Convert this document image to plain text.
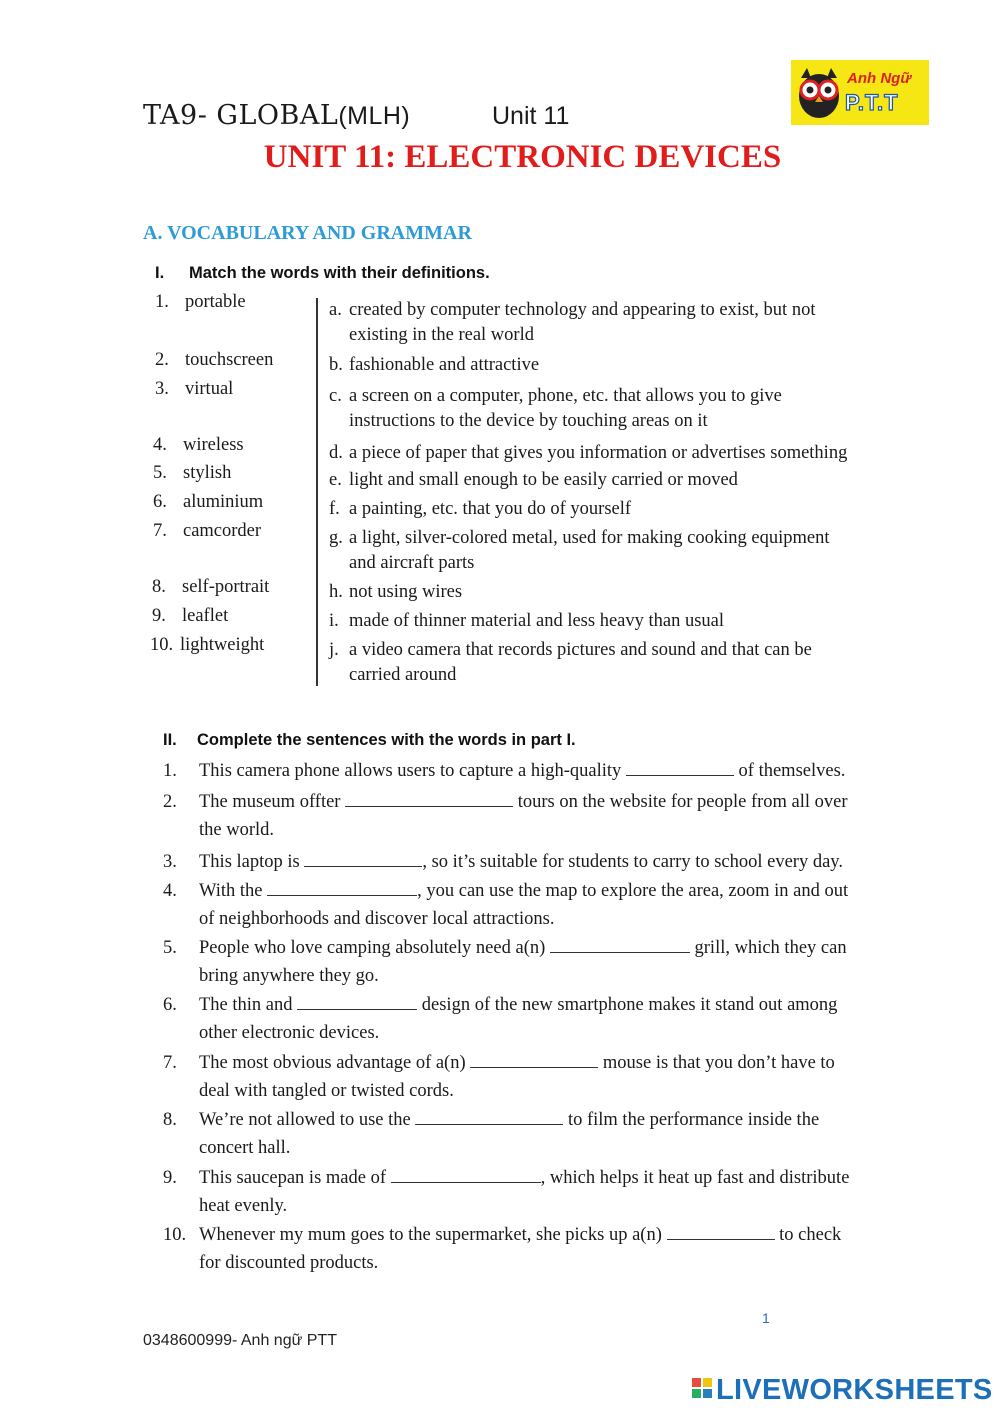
TA9- GLOBAL(MLH)	Unit 11
Anh Ngữ
P.T.T
UNIT 11: ELECTRONIC DEVICES
A. VOCABULARY AND GRAMMAR
I. Match the words with their definitions.
1. portable
2. touchscreen
3. virtual
4. wireless
5. stylish
6. aluminium
7. camcorder
8. self-portrait
9. leaflet
10. lightweight
a. created by computer technology and appearing to exist, but not
existing in the real world
b. fashionable and attractive
c. a screen on a computer, phone, etc. that allows you to give
instructions to the device by touching areas on it
d. a piece of paper that gives you information or advertises something
e. light and small enough to be easily carried or moved
f. a painting, etc. that you do of yourself
g. a light, silver-colored metal, used for making cooking equipment
and aircraft parts
h. not using wires
i. made of thinner material and less heavy than usual
j. a video camera that records pictures and sound and that can be
carried around
II. Complete the sentences with the words in part I.
1. This camera phone allows users to capture a high-quality	of themselves.
2. The museum offter	tours on the website for people from all over
the world.
3. This laptop is	, so it’s suitable for students to carry to school every day.
4. With the	, you can use the map to explore the area, zoom in and out
of neighborhoods and discover local attractions.
5. People who love camping absolutely need a(n)	grill, which they can
bring anywhere they go.
6. The thin and	design of the new smartphone makes it stand out among
other electronic devices.
7. The most obvious advantage of a(n)	mouse is that you don’t have to
deal with tangled or twisted cords.
8. We’re not allowed to use the	to film the performance inside the
concert hall.
9. This saucepan is made of	, which helps it heat up fast and distribute
heat evenly.
10. Whenever my mum goes to the supermarket, she picks up a(n)	to check
for discounted products.
1
0348600999- Anh ngữ PTT
LIVEWORKSHEETS
